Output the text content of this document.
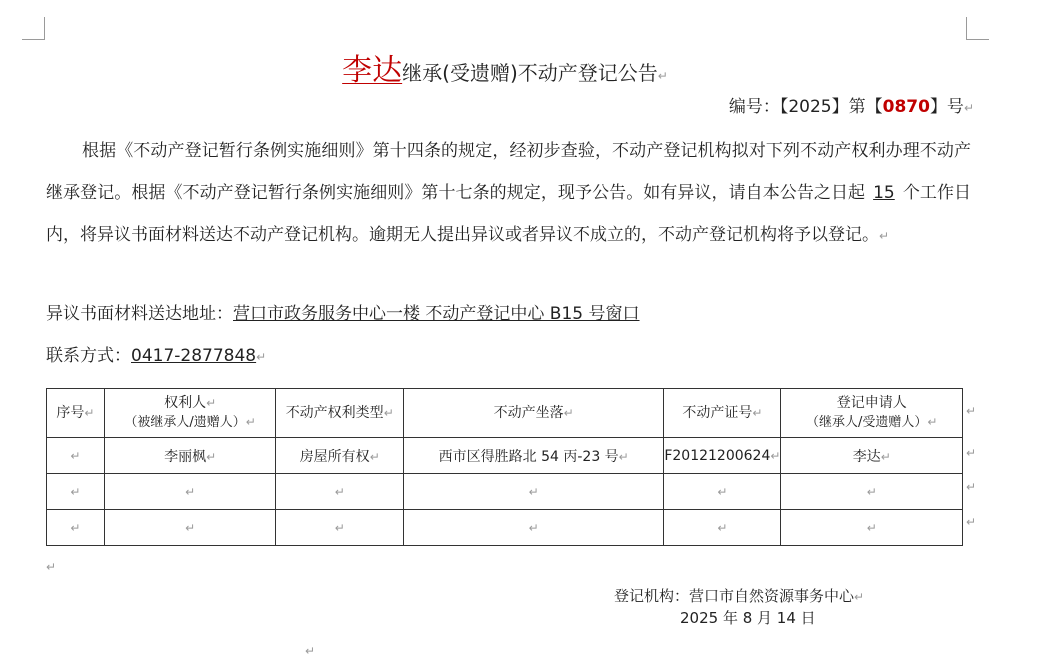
李达继承(受遗赠)不动产登记公告↵
编号：【2025】第【0870】号↵
根据《不动产登记暂行条例实施细则》第十四条的规定，经初步查验，不动产登记机构拟对下列不动产权利办理不动产继承登记。根据《不动产登记暂行条例实施细则》第十七条的规定，现予公告。如有异议，请自本公告之日起 15 个工作日内，将异议书面材料送达不动产登记机构。逾期无人提出异议或者异议不成立的，不动产登记机构将予以登记。↵
异议书面材料送达地址：营口市政务服务中心一楼 不动产登记中心 B15 号窗口
联系方式：0417-2877848↵
序号↵	权利人↵
（被继承人/遗赠人）↵	不动产权利类型↵	不动产坐落↵	不动产证号↵	登记申请人
（继承人/受遗赠人）↵
↵	李丽枫↵	房屋所有权↵	西市区得胜路北 54 丙-23 号↵	F20121200624↵	李达↵
↵	↵	↵	↵	↵	↵
↵	↵	↵	↵	↵	↵
↵
↵
↵
↵
↵
登记机构：营口市自然资源事务中心↵
2025 年 8 月 14 日
↵
